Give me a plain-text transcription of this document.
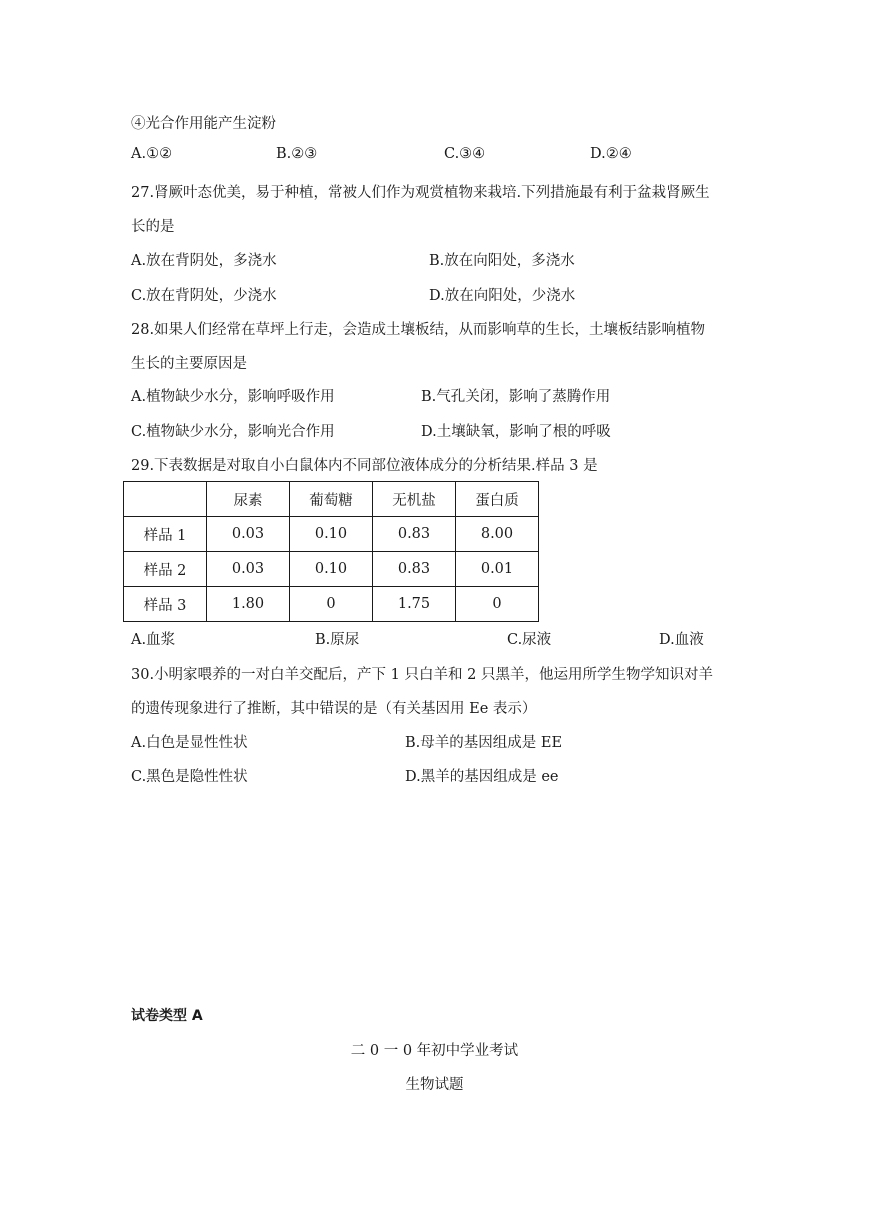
④光合作用能产生淀粉
A.①②	B.②③	C.③④	D.②④
27.肾厥叶态优美，易于种植，常被人们作为观赏植物来栽培.下列措施最有利于盆栽肾厥生
长的是
A.放在背阴处，多浇水	B.放在向阳处，多浇水
C.放在背阴处，少浇水	D.放在向阳处，少浇水
28.如果人们经常在草坪上行走，会造成土壤板结，从而影响草的生长，土壤板结影响植物
生长的主要原因是
A.植物缺少水分，影响呼吸作用	B.气孔关闭，影响了蒸腾作用
C.植物缺少水分，影响光合作用	D.土壤缺氧，影响了根的呼吸
29.下表数据是对取自小白鼠体内不同部位液体成分的分析结果.样品 3 是
	尿素	葡萄糖	无机盐	蛋白质
样品 1	0.03	0.10	0.83	8.00
样品 2	0.03	0.10	0.83	0.01
样品 3	1.80	0	1.75	0
A.血浆	B.原尿	C.尿液	D.血液
30.小明家喂养的一对白羊交配后，产下 1 只白羊和 2 只黑羊，他运用所学生物学知识对羊
的遗传现象进行了推断，其中错误的是（有关基因用 Ee 表示）
A.白色是显性性状	B.母羊的基因组成是 EE
C.黑色是隐性性状	D.黑羊的基因组成是 ee
试卷类型 A
二 0 一 0 年初中学业考试
生物试题
